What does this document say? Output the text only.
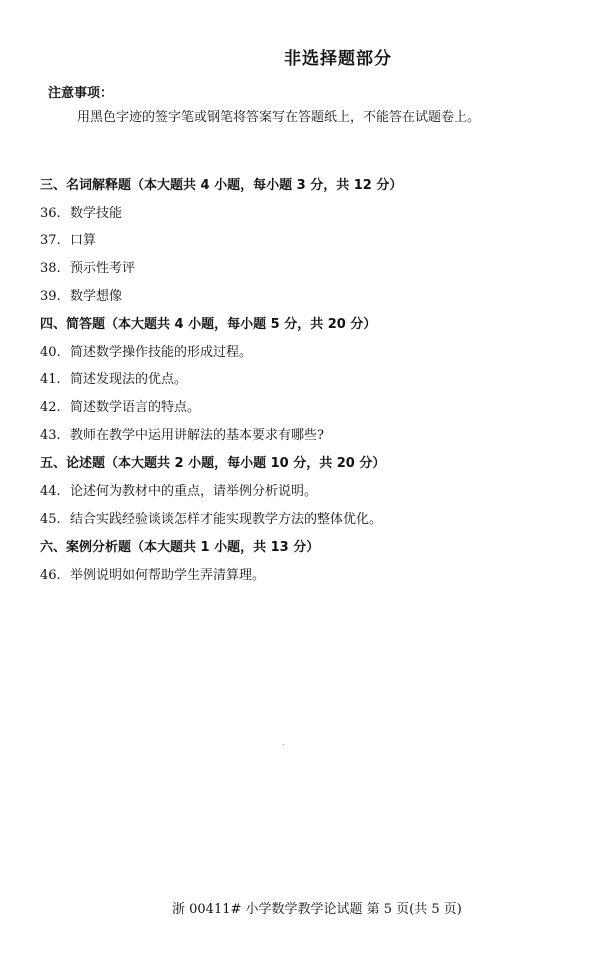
非选择题部分
注意事项：
用黑色字迹的签字笔或钢笔将答案写在答题纸上，不能答在试题卷上。
三、名词解释题（本大题共 4 小题，每小题 3 分，共 12 分）
36. 数学技能
37. 口算
38. 预示性考评
39. 数学想像
四、简答题（本大题共 4 小题，每小题 5 分，共 20 分）
40. 简述数学操作技能的形成过程。
41. 简述发现法的优点。
42. 简述数学语言的特点。
43. 教师在教学中运用讲解法的基本要求有哪些?
五、论述题（本大题共 2 小题，每小题 10 分，共 20 分）
44. 论述何为教材中的重点，请举例分析说明。
45. 结合实践经验谈谈怎样才能实现教学方法的整体优化。
六、案例分析题（本大题共 1 小题，共 13 分）
46. 举例说明如何帮助学生弄清算理。
浙 00411# 小学数学教学论试题 第 5 页(共 5 页)
